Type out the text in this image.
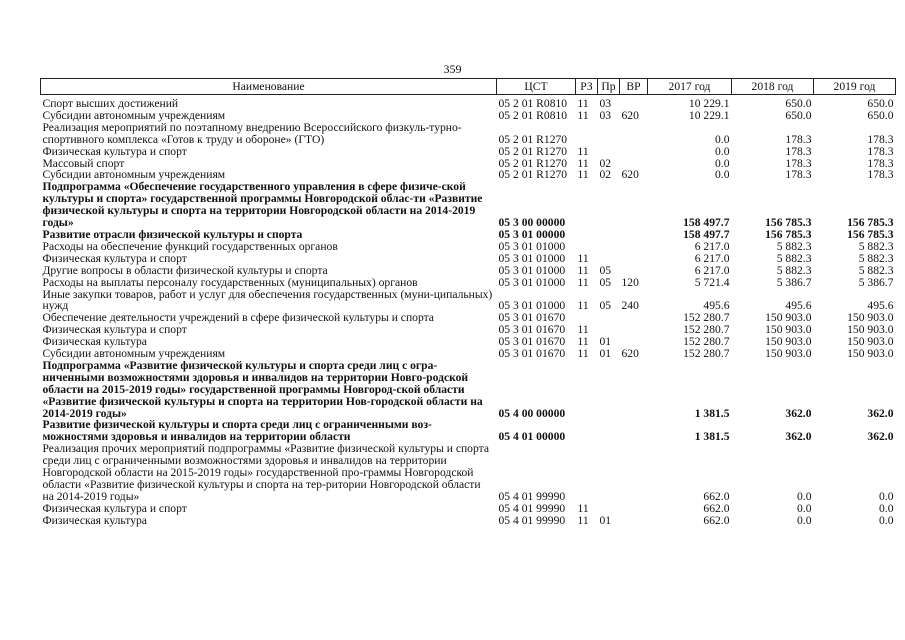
359
Наименование	ЦСТ	РЗ	Пр	ВР	2017 год	2018 год	2019 год

Спорт высших достижений	05 2 01 R0810	11	03		10 229.1	650.0	650.0
Субсидии автономным учреждениям	05 2 01 R0810	11	03	620	10 229.1	650.0	650.0
Реализация мероприятий по поэтапному внедрению Всероссийского физкуль-турно-спортивного комплекса «Готов к труду и обороне» (ГТО)	05 2 01 R1270				0.0	178.3	178.3
Физическая культура и спорт	05 2 01 R1270	11			0.0	178.3	178.3
Массовый спорт	05 2 01 R1270	11	02		0.0	178.3	178.3
Субсидии автономным учреждениям	05 2 01 R1270	11	02	620	0.0	178.3	178.3
Подпрограмма «Обеспечение государственного управления в сфере физиче-ской культуры и спорта» государственной программы Новгородской облас-ти «Развитие физической культуры и спорта на территории Новгородской области на 2014-2019 годы»	05 3 00 00000				158 497.7	156 785.3	156 785.3
Развитие отрасли физической культуры и спорта	05 3 01 00000				158 497.7	156 785.3	156 785.3
Расходы на обеспечение функций государственных органов	05 3 01 01000				6 217.0	5 882.3	5 882.3
Физическая культура и спорт	05 3 01 01000	11			6 217.0	5 882.3	5 882.3
Другие вопросы в области физической культуры и спорта	05 3 01 01000	11	05		6 217.0	5 882.3	5 882.3
Расходы на выплаты персоналу государственных (муниципальных) органов	05 3 01 01000	11	05	120	5 721.4	5 386.7	5 386.7
Иные закупки товаров, работ и услуг для обеспечения государственных (муни-ципальных) нужд	05 3 01 01000	11	05	240	495.6	495.6	495.6
Обеспечение деятельности учреждений в сфере физической культуры и спорта	05 3 01 01670				152 280.7	150 903.0	150 903.0
Физическая культура и спорт	05 3 01 01670	11			152 280.7	150 903.0	150 903.0
Физическая культура	05 3 01 01670	11	01		152 280.7	150 903.0	150 903.0
Субсидии автономным учреждениям	05 3 01 01670	11	01	620	152 280.7	150 903.0	150 903.0
Подпрограмма «Развитие физической культуры и спорта среди лиц с огра-ниченными возможностями здоровья и инвалидов на территории Новго-родской области на 2015-2019 годы» государственной программы Новгород-ской области «Развитие физической культуры и спорта на территории Нов-городской области на 2014-2019 годы»	05 4 00 00000				1 381.5	362.0	362.0
Развитие физической культуры и спорта среди лиц с ограниченными воз-можностями здоровья и инвалидов на территории области	05 4 01 00000				1 381.5	362.0	362.0
Реализация прочих мероприятий подпрограммы «Развитие физической культуры и спорта среди лиц с ограниченными возможностями здоровья и инвалидов на территории Новгородской области на 2015-2019 годы» государственной про-граммы Новгородской области «Развитие физической культуры и спорта на тер-ритории Новгородской области на 2014-2019 годы»	05 4 01 99990				662.0	0.0	0.0
Физическая культура и спорт	05 4 01 99990	11			662.0	0.0	0.0
Физическая культура	05 4 01 99990	11	01		662.0	0.0	0.0
